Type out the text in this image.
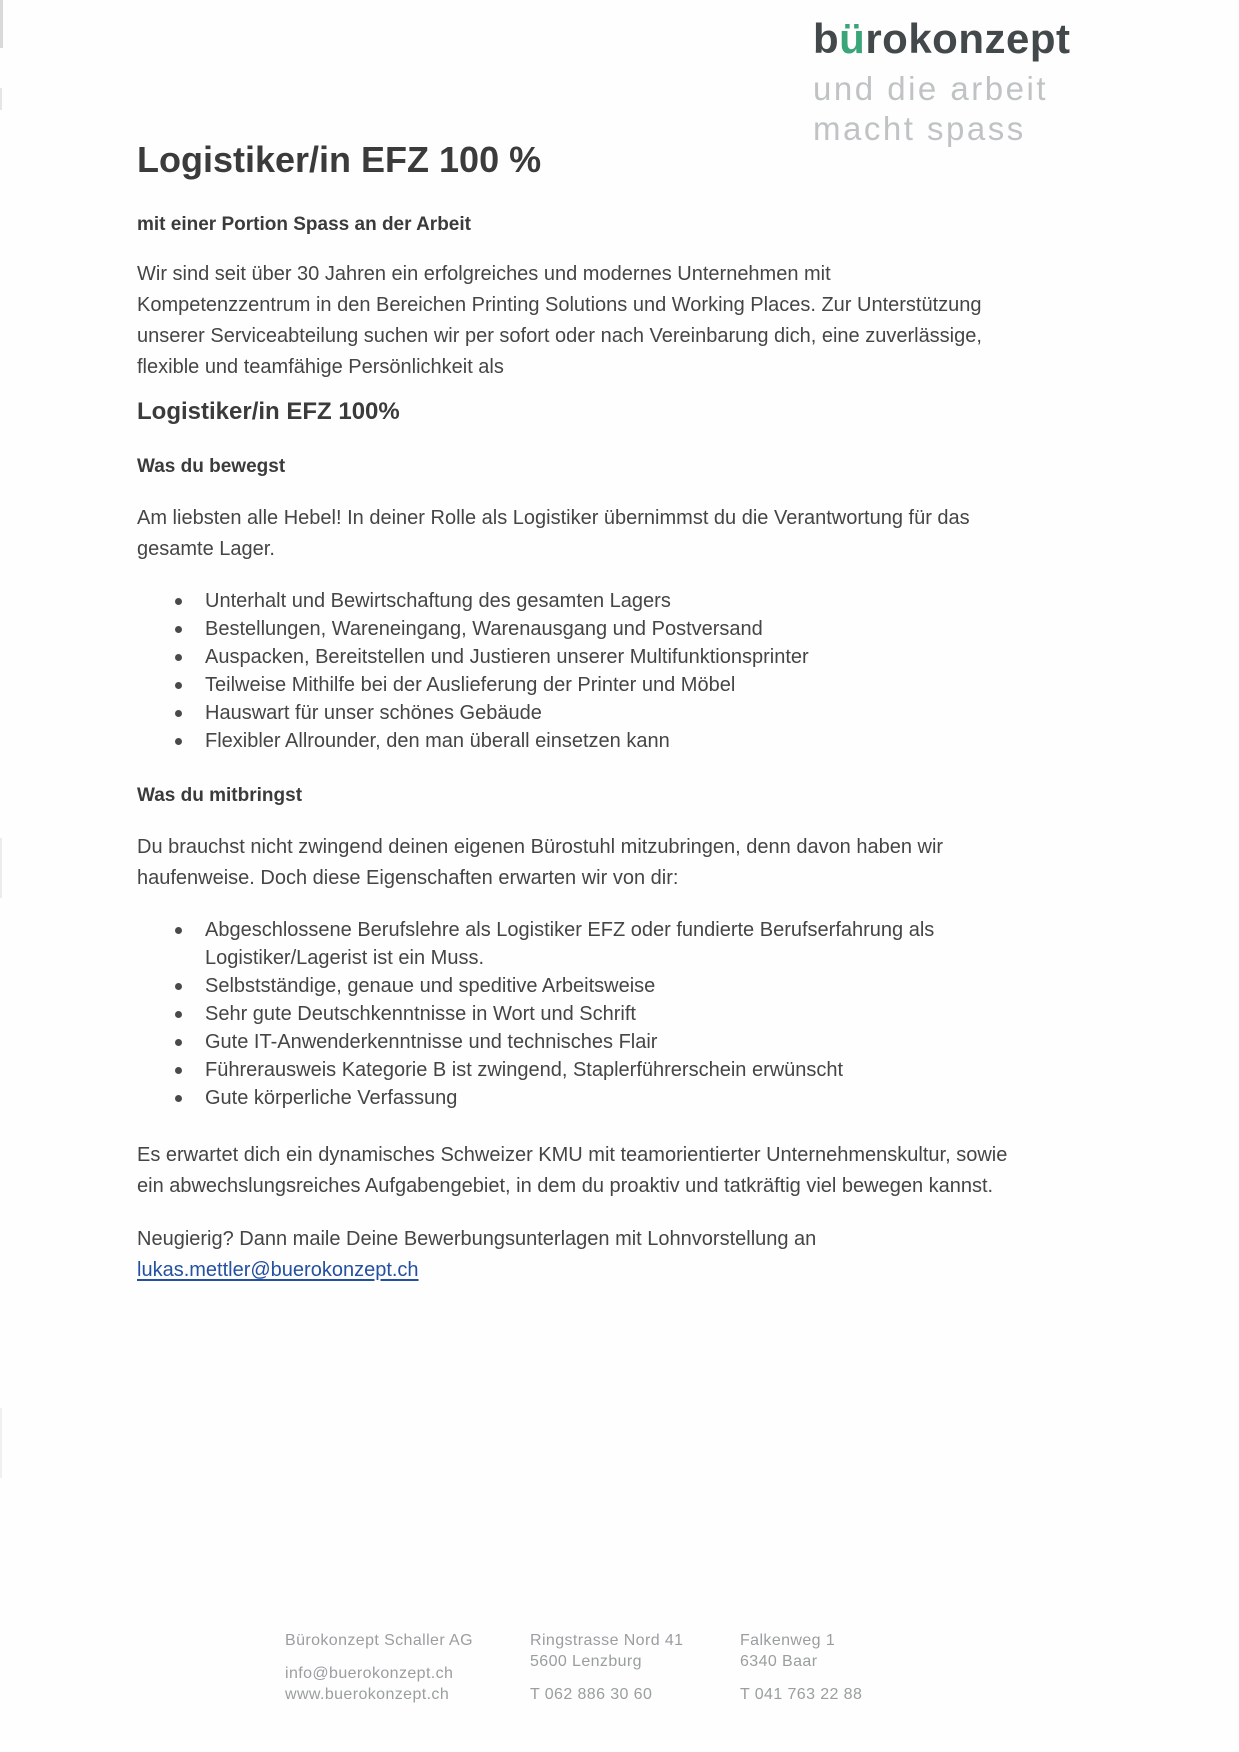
bürokonzept
und die arbeit
macht spass
Logistiker/in EFZ 100 %

mit einer Portion Spass an der Arbeit

Wir sind seit über 30 Jahren ein erfolgreiches und modernes Unternehmen mit Kompetenzzentrum in den Bereichen Printing Solutions und Working Places. Zur Unterstützung unserer Serviceabteilung suchen wir per sofort oder nach Vereinbarung dich, eine zuverlässige, flexible und teamfähige Persönlichkeit als

Logistiker/in EFZ 100%
Was du bewegst

Am liebsten alle Hebel! In deiner Rolle als Logistiker übernimmst du die Verantwortung für das gesamte Lager.

Unterhalt und Bewirtschaftung des gesamten Lagers
Bestellungen, Wareneingang, Warenausgang und Postversand
Auspacken, Bereitstellen und Justieren unserer Multifunktionsprinter
Teilweise Mithilfe bei der Auslieferung der Printer und Möbel
Hauswart für unser schönes Gebäude
Flexibler Allrounder, den man überall einsetzen kann
Was du mitbringst

Du brauchst nicht zwingend deinen eigenen Bürostuhl mitzubringen, denn davon haben wir haufenweise. Doch diese Eigenschaften erwarten wir von dir:

Abgeschlossene Berufslehre als Logistiker EFZ oder fundierte Berufserfahrung als Logistiker/Lagerist ist ein Muss.
Selbstständige, genaue und speditive Arbeitsweise
Sehr gute Deutschkenntnisse in Wort und Schrift
Gute IT-Anwenderkenntnisse und technisches Flair
Führerausweis Kategorie B ist zwingend, Staplerführerschein erwünscht
Gute körperliche Verfassung

Es erwartet dich ein dynamisches Schweizer KMU mit teamorientierter Unternehmenskultur, sowie ein abwechslungsreiches Aufgabengebiet, in dem du proaktiv und tatkräftig viel bewegen kannst.

Neugierig? Dann maile Deine Bewerbungsunterlagen mit Lohnvorstellung an
lukas.mettler@buerokonzept.ch
Bürokonzept Schaller AG
info@buerokonzept.ch
www.buerokonzept.ch
Ringstrasse Nord 41
5600 Lenzburg
T 062 886 30 60
Falkenweg 1
6340 Baar
T 041 763 22 88
